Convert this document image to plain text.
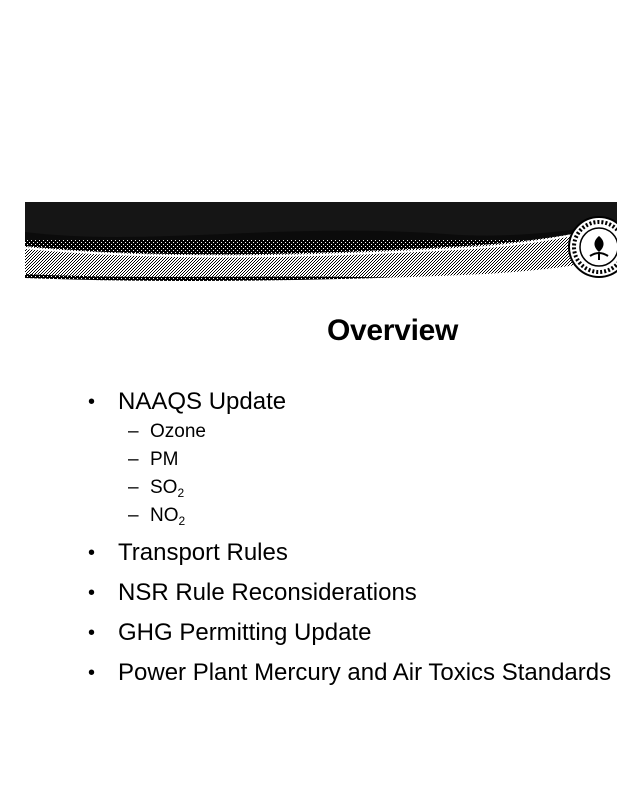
Overview
• NAAQS Update
– Ozone
– PM
– $SO_2$
– $NO_2$
• Transport Rules
• NSR Rule Reconsiderations
• GHG Permitting Update
• Power Plant Mercury and Air Toxics Standards
